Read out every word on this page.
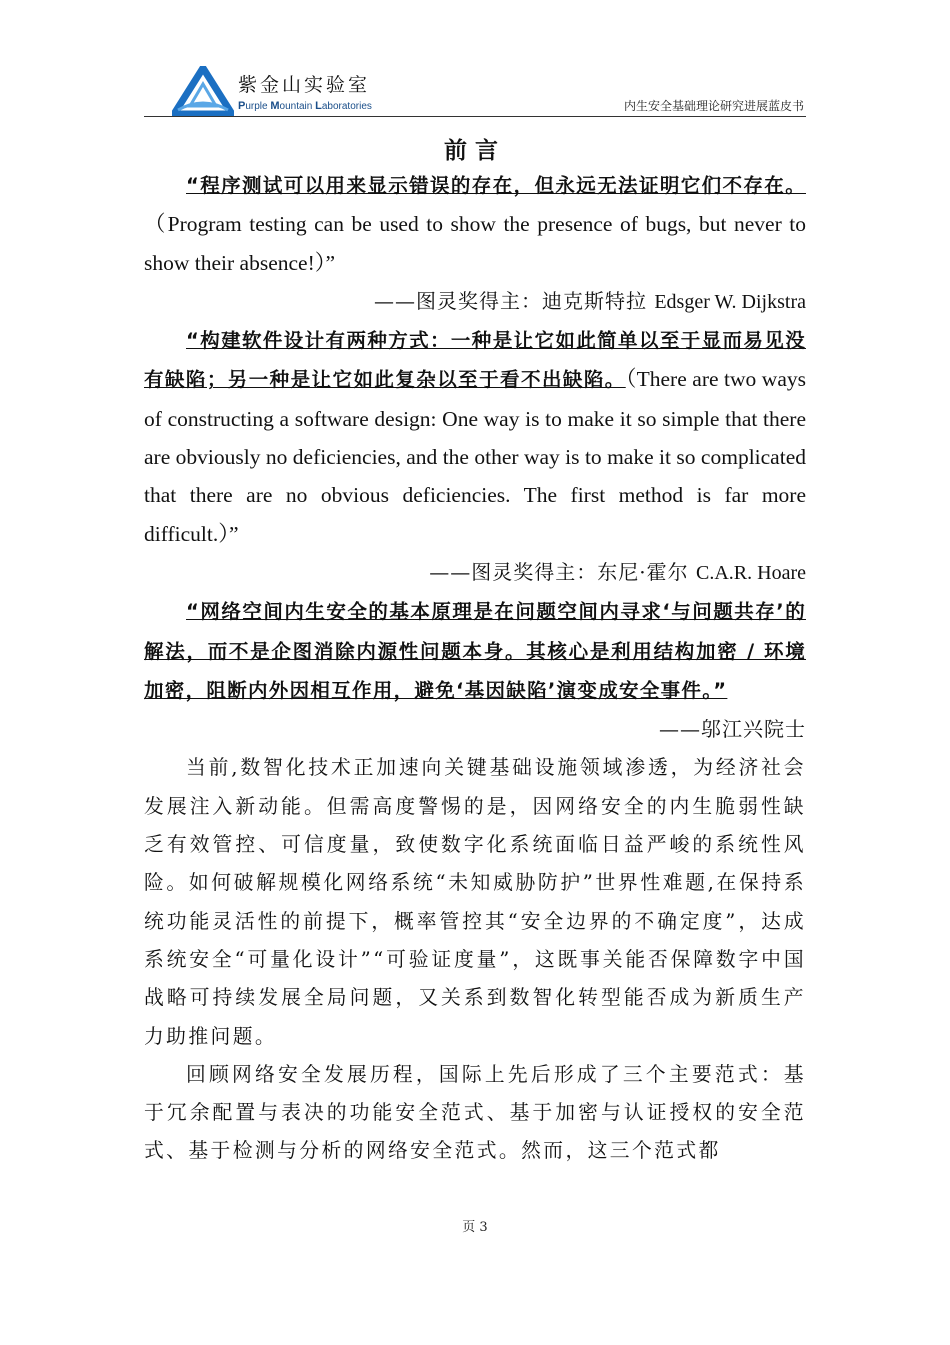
紫金山实验室
Purple Mountain Laboratories	内生安全基础理论研究进展蓝皮书
前言

“程序测试可以用来显示错误的存在，但永远无法证明它们不存在。（Program testing can be used to show the presence of bugs, but never to show their absence!）”

——图灵奖得主：迪克斯特拉 Edsger W. Dijkstra

“构建软件设计有两种方式：一种是让它如此简单以至于显而易见没有缺陷；另一种是让它如此复杂以至于看不出缺陷。（There are two ways of constructing a software design: One way is to make it so simple that there are obviously no deficiencies, and the other way is to make it so complicated that there are no obvious deficiencies. The first method is far more difficult.）”

——图灵奖得主：东尼·霍尔 C.A.R. Hoare

“网络空间内生安全的基本原理是在问题空间内寻求‘与问题共存’的解法，而不是企图消除内源性问题本身。其核心是利用结构加密 / 环境加密，阻断内外因相互作用，避免‘基因缺陷’演变成安全事件。”

——邬江兴院士

当前,数智化技术正加速向关键基础设施领域渗透，为经济社会发展注入新动能。但需高度警惕的是，因网络安全的内生脆弱性缺乏有效管控、可信度量，致使数字化系统面临日益严峻的系统性风险。如何破解规模化网络系统“未知威胁防护”世界性难题,在保持系统功能灵活性的前提下，概率管控其“安全边界的不确定度”，达成系统安全“可量化设计”“可验证度量”，这既事关能否保障数字中国战略可持续发展全局问题，又关系到数智化转型能否成为新质生产力助推问题。

回顾网络安全发展历程，国际上先后形成了三个主要范式：基于冗余配置与表决的功能安全范式、基于加密与认证授权的安全范式、基于检测与分析的网络安全范式。然而，这三个范式都

页 3
